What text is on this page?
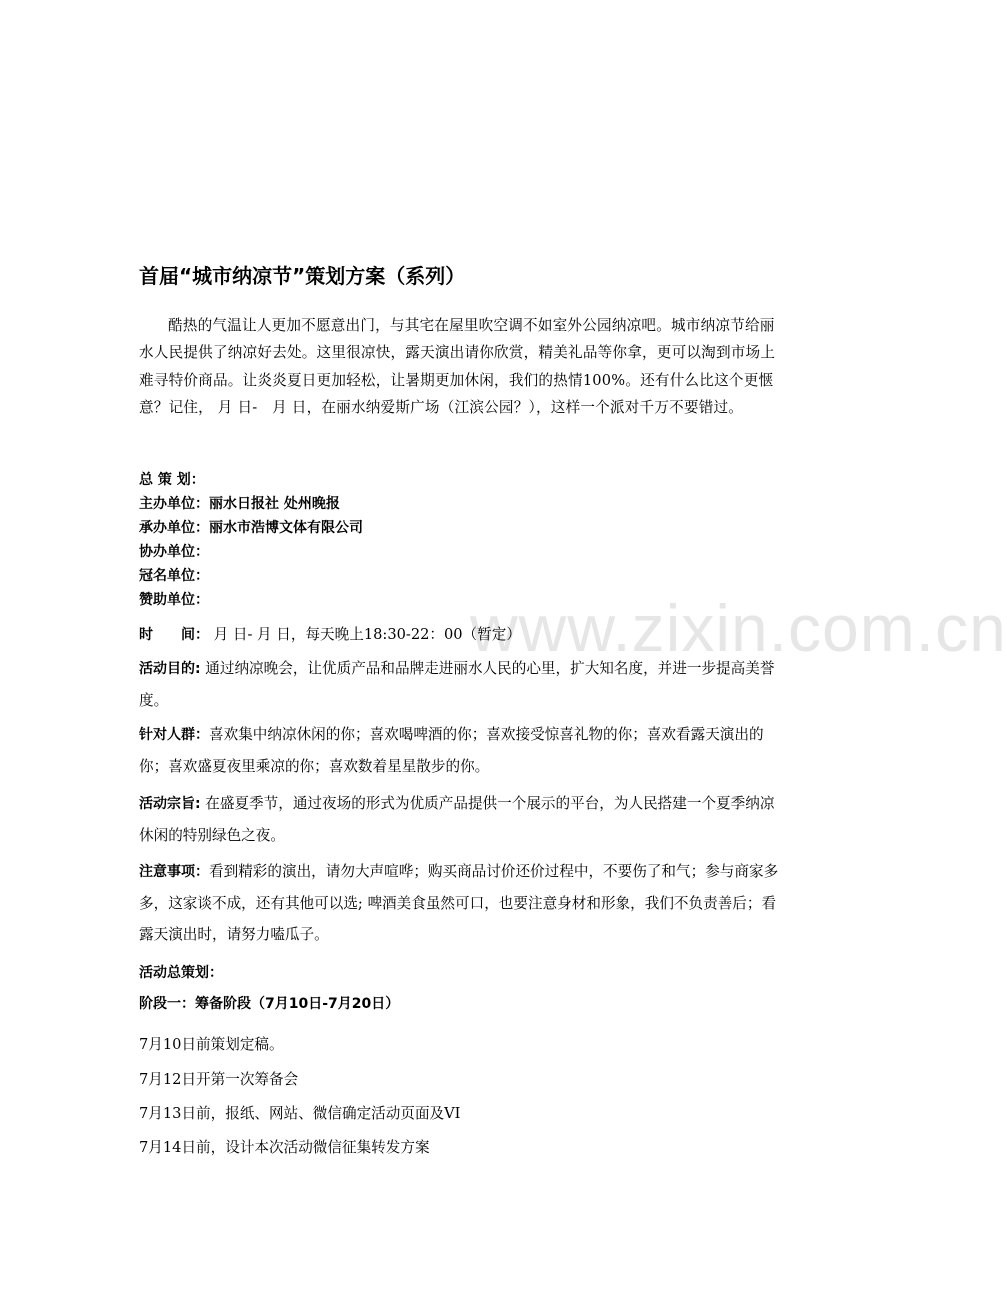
www.zixin.com.cn
首届“城市纳凉节”策划方案（系列）

酷热的气温让人更加不愿意出门，与其宅在屋里吹空调不如室外公园纳凉吧。城市纳凉节给丽水人民提供了纳凉好去处。这里很凉快，露天演出请你欣赏，精美礼品等你拿，更可以淘到市场上难寻特价商品。让炎炎夏日更加轻松，让暑期更加休闲，我们的热情100%。还有什么比这个更惬意？记住， 月 日-　月 日，在丽水纳爱斯广场（江滨公园？），这样一个派对千万不要错过。

总 策 划：

主办单位：丽水日报社 处州晚报

承办单位：丽水市浩博文体有限公司

协办单位：

冠名单位：

赞助单位：

时　　间： 月 日- 月 日，每天晚上18:30-22：00（暂定）

活动目的: 通过纳凉晚会，让优质产品和品牌走进丽水人民的心里，扩大知名度，并进一步提高美誉度。

针对人群：喜欢集中纳凉休闲的你；喜欢喝啤酒的你；喜欢接受惊喜礼物的你；喜欢看露天演出的你；喜欢盛夏夜里乘凉的你；喜欢数着星星散步的你。

活动宗旨: 在盛夏季节，通过夜场的形式为优质产品提供一个展示的平台，为人民搭建一个夏季纳凉休闲的特别绿色之夜。

注意事项：看到精彩的演出，请勿大声喧哗；购买商品讨价还价过程中，不要伤了和气；参与商家多多，这家谈不成，还有其他可以选; 啤酒美食虽然可口，也要注意身材和形象，我们不负责善后；看露天演出时，请努力嗑瓜子。

活动总策划：

阶段一：筹备阶段（7月10日-7月20日）

7月10日前策划定稿。

7月12日开第一次筹备会

7月13日前，报纸、网站、微信确定活动页面及VI

7月14日前，设计本次活动微信征集转发方案
